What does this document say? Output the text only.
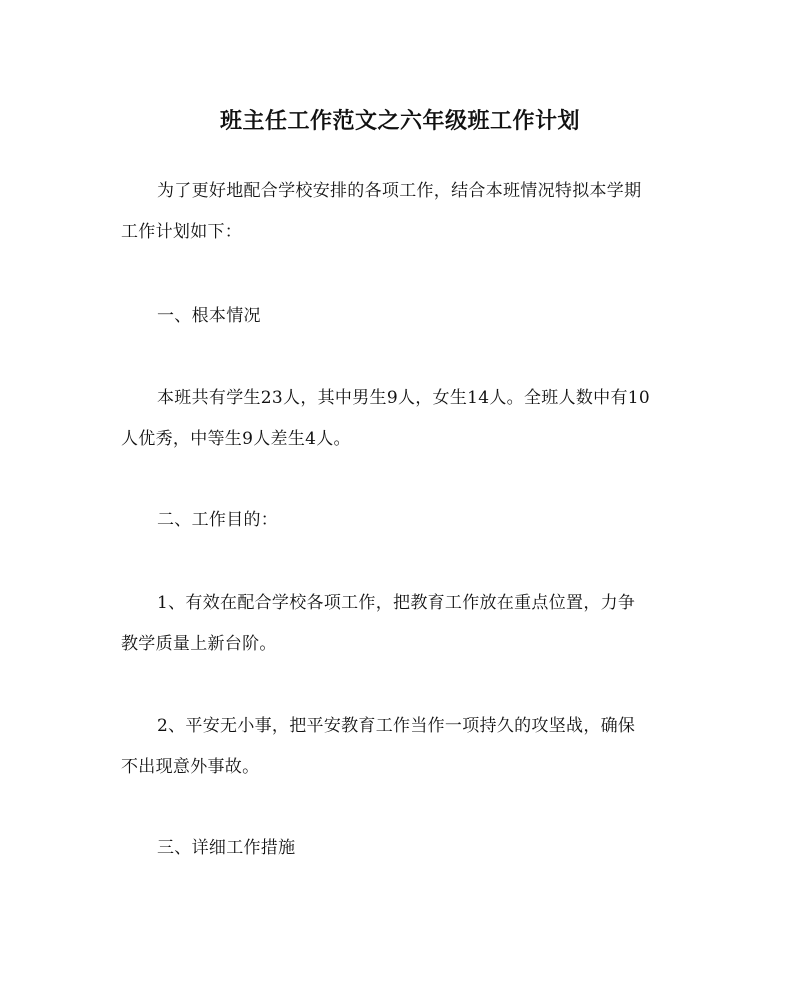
班主任工作范文之六年级班工作计划
为了更好地配合学校安排的各项工作，结合本班情况特拟本学期
工作计划如下：
一、根本情况
本班共有学生23人，其中男生9人，女生14人。全班人数中有10
人优秀，中等生9人差生4人。
二、工作目的：
1、有效在配合学校各项工作，把教育工作放在重点位置，力争
教学质量上新台阶。
2、平安无小事，把平安教育工作当作一项持久的攻坚战，确保
不出现意外事故。
三、详细工作措施
